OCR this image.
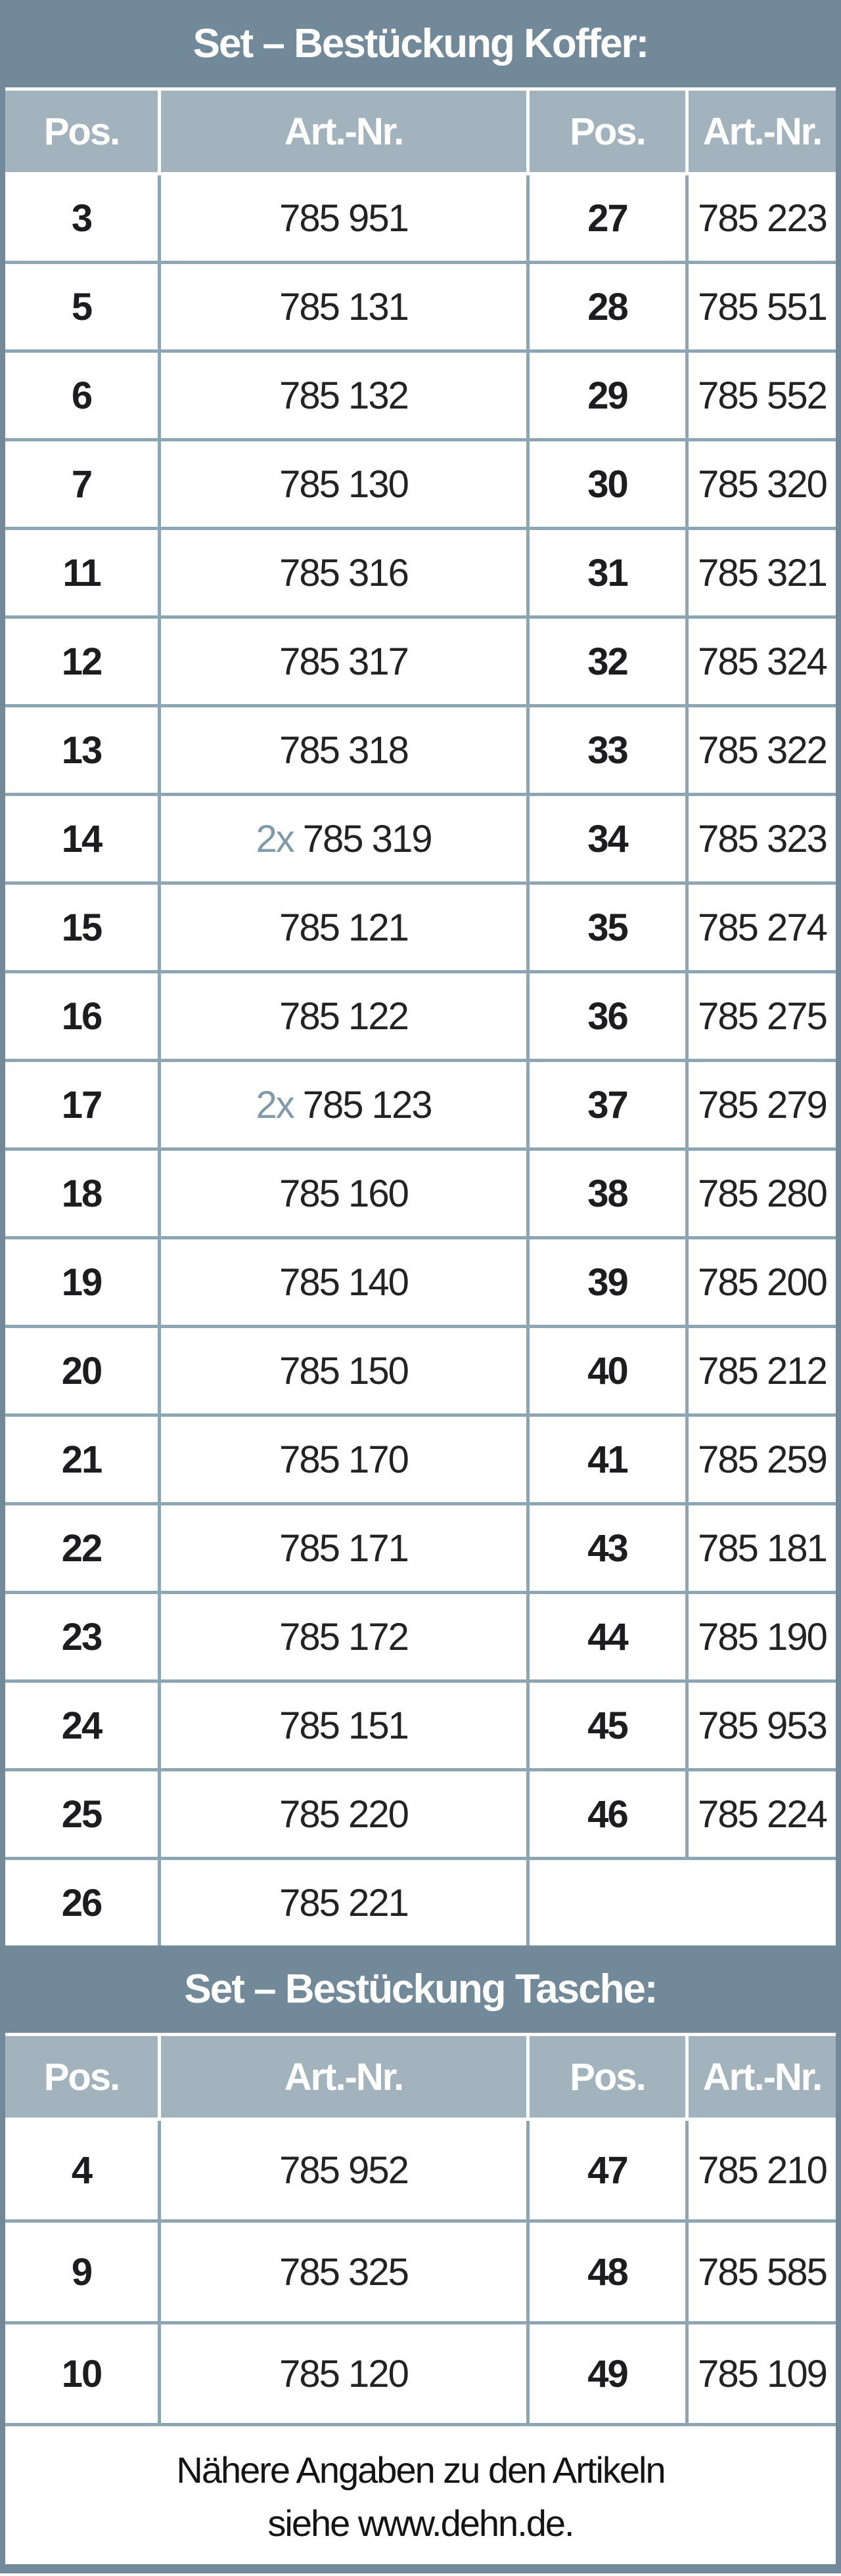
Set – Bestückung Koffer:
Pos.	Art.-Nr.	Pos.	Art.-Nr.
3	785 951	27	785 223
5	785 131	28	785 551
6	785 132	29	785 552
7	785 130	30	785 320
11	785 316	31	785 321
12	785 317	32	785 324
13	785 318	33	785 322
14	2x 785 319	34	785 323
15	785 121	35	785 274
16	785 122	36	785 275
17	2x 785 123	37	785 279
18	785 160	38	785 280
19	785 140	39	785 200
20	785 150	40	785 212
21	785 170	41	785 259
22	785 171	43	785 181
23	785 172	44	785 190
24	785 151	45	785 953
25	785 220	46	785 224
26	785 221
Set – Bestückung Tasche:
Pos.	Art.-Nr.	Pos.	Art.-Nr.
4	785 952	47	785 210
9	785 325	48	785 585
10	785 120	49	785 109
Nähere Angaben zu den Artikeln
siehe www.dehn.de.
